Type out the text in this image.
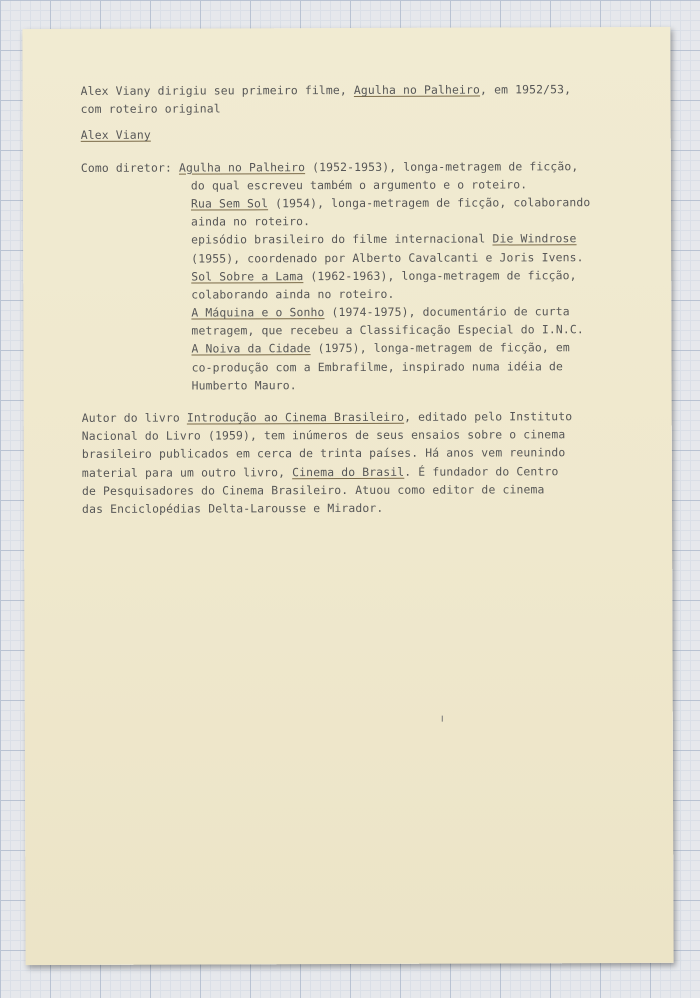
Alex Viany dirigiu seu primeiro filme, Agulha no Palheiro, em 1952/53,
com roteiro original
Alex Viany
Como diretor: Agulha no Palheiro (1952-1953), longa-metragem de ficção,
do qual escreveu também o argumento e o roteiro.
Rua Sem Sol (1954), longa-metragem de ficção, colaborando
ainda no roteiro.
episódio brasileiro do filme internacional Die Windrose
(1955), coordenado por Alberto Cavalcanti e Joris Ivens.
Sol Sobre a Lama (1962-1963), longa-metragem de ficção,
colaborando ainda no roteiro.
A Máquina e o Sonho (1974-1975), documentário de curta
metragem, que recebeu a Classificação Especial do I.N.C.
A Noiva da Cidade (1975), longa-metragem de ficção, em
co-produção com a Embrafilme, inspirado numa idéia de
Humberto Mauro.
Autor do livro Introdução ao Cinema Brasileiro, editado pelo Instituto
Nacional do Livro (1959), tem inúmeros de seus ensaios sobre o cinema
brasileiro publicados em cerca de trinta países. Há anos vem reunindo
material para um outro livro, Cinema do Brasil. É fundador do Centro
de Pesquisadores do Cinema Brasileiro. Atuou como editor de cinema
das Enciclopédias Delta-Larousse e Mirador.
